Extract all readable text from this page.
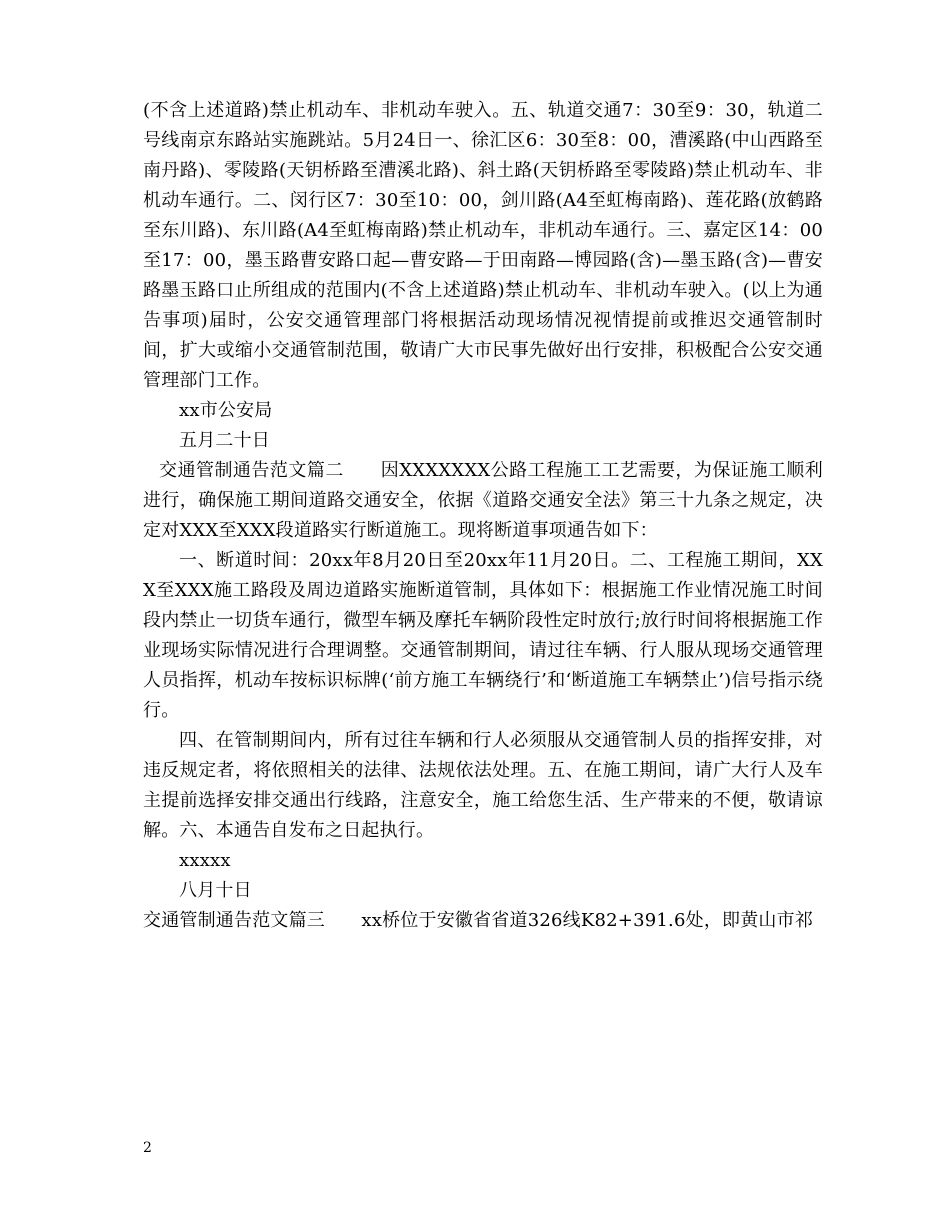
(不含上述道路)禁止机动车、非机动车驶入。五、轨道交通7：30至9：30，轨道二号线南京东路站实施跳站。5月24日一、徐汇区6：30至8：00，漕溪路(中山西路至南丹路)、零陵路(天钥桥路至漕溪北路)、斜土路(天钥桥路至零陵路)禁止机动车、非机动车通行。二、闵行区7：30至10：00，剑川路(A4至虹梅南路)、莲花路(放鹤路至东川路)、东川路(A4至虹梅南路)禁止机动车，非机动车通行。三、嘉定区14：00至17：00，墨玉路曹安路口起—曹安路—于田南路—博园路(含)—墨玉路(含)—曹安路墨玉路口止所组成的范围内(不含上述道路)禁止机动车、非机动车驶入。(以上为通告事项)届时，公安交通管理部门将根据活动现场情况视情提前或推迟交通管制时间，扩大或缩小交通管制范围，敬请广大市民事先做好出行安排，积极配合公安交通管理部门工作。

xx市公安局

五月二十日

交通管制通告范文篇二　　因XXXXXXX公路工程施工工艺需要，为保证施工顺利进行，确保施工期间道路交通安全，依据《道路交通安全法》第三十九条之规定，决定对XXX至XXX段道路实行断道施工。现将断道事项通告如下：

一、断道时间：20xx年8月20日至20xx年11月20日。二、工程施工期间，XXX至XXX施工路段及周边道路实施断道管制，具体如下：根据施工作业情况施工时间段内禁止一切货车通行，微型车辆及摩托车辆阶段性定时放行;放行时间将根据施工作业现场实际情况进行合理调整。交通管制期间，请过往车辆、行人服从现场交通管理人员指挥，机动车按标识标牌(‘前方施工车辆绕行’和‘断道施工车辆禁止’)信号指示绕行。

四、在管制期间内，所有过往车辆和行人必须服从交通管制人员的指挥安排，对违反规定者，将依照相关的法律、法规依法处理。五、在施工期间，请广大行人及车主提前选择安排交通出行线路，注意安全，施工给您生活、生产带来的不便，敬请谅解。六、本通告自发布之日起执行。

xxxxx

八月十日

交通管制通告范文篇三　　xx桥位于安徽省省道326线K82+391.6处，即黄山市祁

2
